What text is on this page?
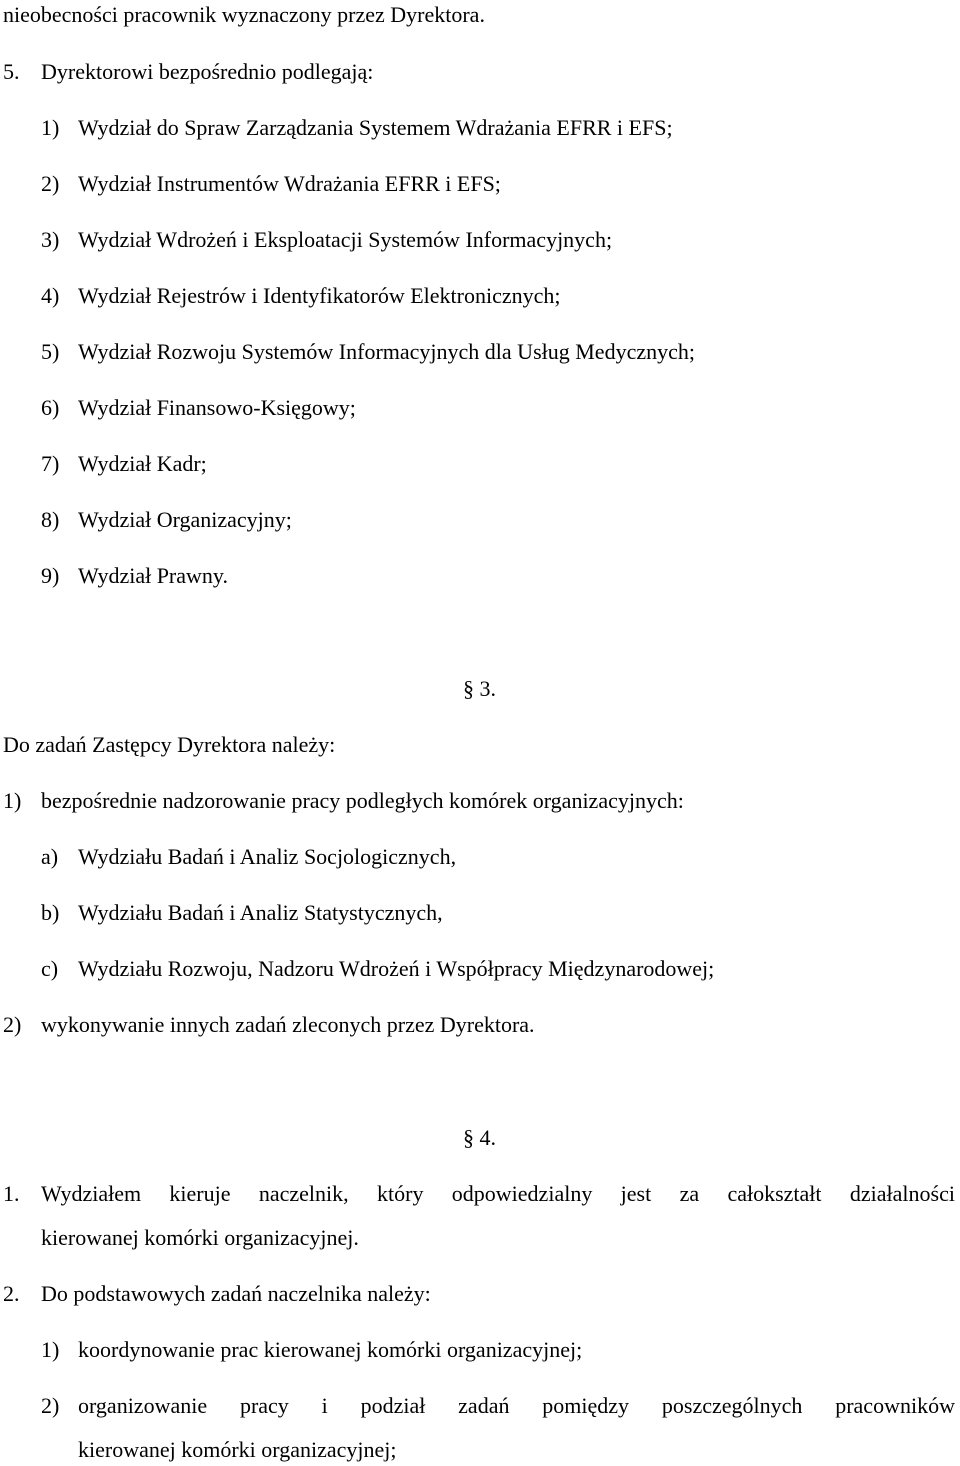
nieobecności pracownik wyznaczony przez Dyrektora.
5. Dyrektorowi bezpośrednio podlegają:
1) Wydział do Spraw Zarządzania Systemem Wdrażania EFRR i EFS;
2) Wydział Instrumentów Wdrażania EFRR i EFS;
3) Wydział Wdrożeń i Eksploatacji Systemów Informacyjnych;
4) Wydział Rejestrów i Identyfikatorów Elektronicznych;
5) Wydział Rozwoju Systemów Informacyjnych dla Usług Medycznych;
6) Wydział Finansowo-Księgowy;
7) Wydział Kadr;
8) Wydział Organizacyjny;
9) Wydział Prawny.
§ 3.
Do zadań Zastępcy Dyrektora należy:
1) bezpośrednie nadzorowanie pracy podległych komórek organizacyjnych:
a) Wydziału Badań i Analiz Socjologicznych,
b) Wydziału Badań i Analiz Statystycznych,
c) Wydziału Rozwoju, Nadzoru Wdrożeń i Współpracy Międzynarodowej;
2) wykonywanie innych zadań zleconych przez Dyrektora.
§ 4.
1. Wydziałem kieruje naczelnik, który odpowiedzialny jest za całokształt działalności
kierowanej komórki organizacyjnej.
2. Do podstawowych zadań naczelnika należy:
1) koordynowanie prac kierowanej komórki organizacyjnej;
2) organizowanie pracy i podział zadań pomiędzy poszczególnych pracowników
kierowanej komórki organizacyjnej;
